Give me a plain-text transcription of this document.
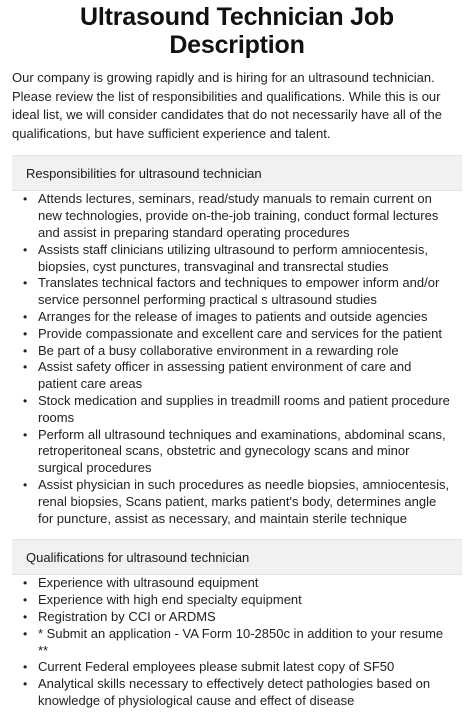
Ultrasound Technician Job Description

Our company is growing rapidly and is hiring for an ultrasound technician. Please review the list of responsibilities and qualifications. While this is our ideal list, we will consider candidates that do not necessarily have all of the qualifications, but have sufficient experience and talent.

Responsibilities for ultrasound technician
• Attends lectures, seminars, read/study manuals to remain current on new technologies, provide on-the-job training, conduct formal lectures and assist in preparing standard operating procedures
• Assists staff clinicians utilizing ultrasound to perform amniocentesis, biopsies, cyst punctures, transvaginal and transrectal studies
• Translates technical factors and techniques to empower inform and/or service personnel performing practical s ultrasound studies
• Arranges for the release of images to patients and outside agencies
• Provide compassionate and excellent care and services for the patient
• Be part of a busy collaborative environment in a rewarding role
• Assist safety officer in assessing patient environment of care and patient care areas
• Stock medication and supplies in treadmill rooms and patient procedure rooms
• Perform all ultrasound techniques and examinations, abdominal scans, retroperitoneal scans, obstetric and gynecology scans and minor surgical procedures
• Assist physician in such procedures as needle biopsies, amniocentesis, renal biopsies, Scans patient, marks patient's body, determines angle for puncture, assist as necessary, and maintain sterile technique
Qualifications for ultrasound technician
• Experience with ultrasound equipment
• Experience with high end specialty equipment
• Registration by CCI or ARDMS
• * Submit an application - VA Form 10-2850c in addition to your resume **
• Current Federal employees please submit latest copy of SF50
• Analytical skills necessary to effectively detect pathologies based on knowledge of physiological cause and effect of disease
